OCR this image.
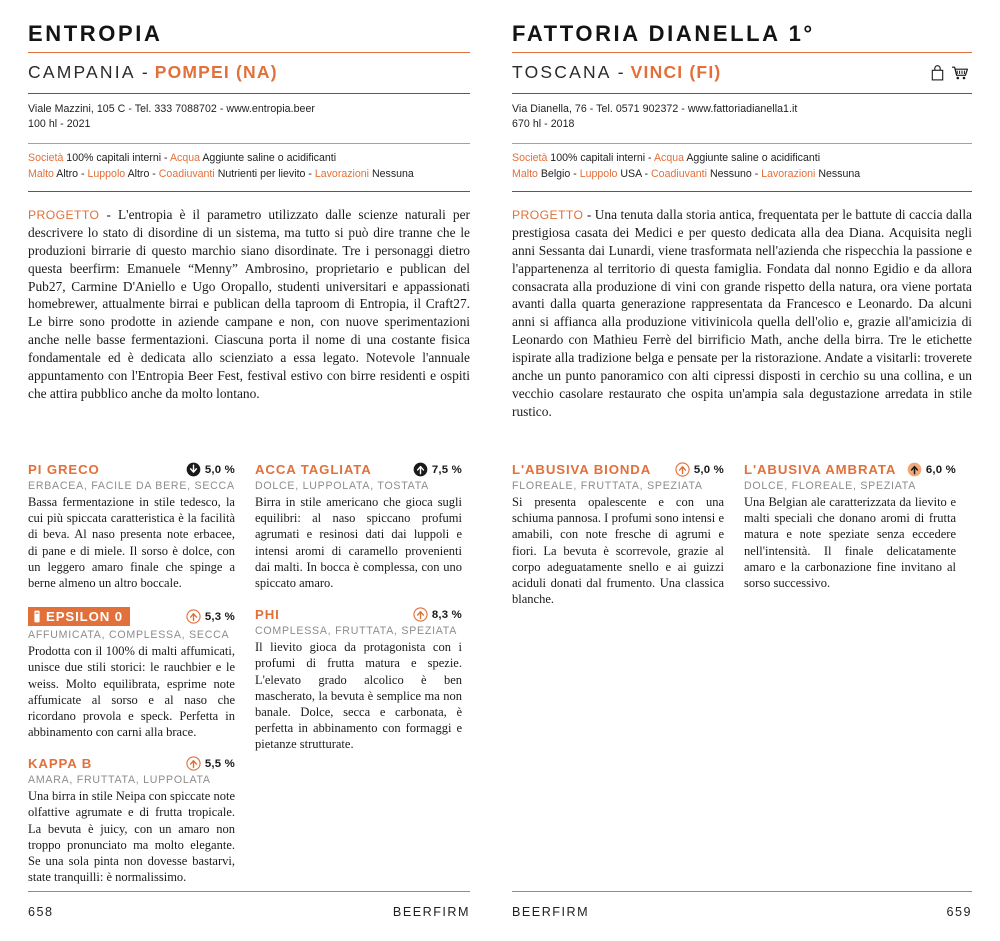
ENTROPIA
CAMPANIA - POMPEI (NA)
Viale Mazzini, 105 C - Tel. 333 7088702 - www.entropia.beer
100 hl - 2021
Società 100% capitali interni - Acqua Aggiunte saline o acidificanti
Malto Altro - Luppolo Altro - Coadiuvanti Nutrienti per lievito - Lavorazioni Nessuna
PROGETTO - L'entropia è il parametro utilizzato dalle scienze naturali per descrivere lo stato di disordine di un sistema, ma tutto si può dire tranne che le produzioni birrarie di questo marchio siano disordinate. Tre i personaggi dietro questa beerfirm: Emanuele “Menny” Ambrosino, proprietario e publican del Pub27, Carmine D'Aniello e Ugo Oropallo, studenti universitari e appassionati homebrewer, attualmente birrai e publican della taproom di Entropia, il Craft27. Le birre sono prodotte in aziende campane e non, con nuove sperimentazioni anche nelle basse fermentazioni. Ciascuna porta il nome di una costante fisica fondamentale ed è dedicata allo scienziato a essa legato. Notevole l'annuale appuntamento con l'Entropia Beer Fest, festival estivo con birre residenti e ospiti che attira pubblico anche da molto lontano.
PI GRECO	5,0 %
ERBACEA, FACILE DA BERE, SECCA
Bassa fermentazione in stile tedesco, la cui più spiccata caratteristica è la facilità di beva. Al naso presenta note erbacee, di pane e di miele. Il sorso è dolce, con un leggero amaro finale che spinge a berne almeno un altro boccale.
EPSILON 0	5,3 %
AFFUMICATA, COMPLESSA, SECCA
Prodotta con il 100% di malti affumicati, unisce due stili storici: le rauchbier e le weiss. Molto equilibrata, esprime note affumicate al sorso e al naso che ricordano provola e speck. Perfetta in abbinamento con carni alla brace.
KAPPA B	5,5 %
AMARA, FRUTTATA, LUPPOLATA
Una birra in stile Neipa con spiccate note olfattive agrumate e di frutta tropicale. La bevuta è juicy, con un amaro non troppo pronunciato ma molto elegante. Se una sola pinta non dovesse bastarvi, state tranquilli: è normalissimo.
ACCA TAGLIATA	7,5 %
DOLCE, LUPPOLATA, TOSTATA
Birra in stile americano che gioca sugli equilibri: al naso spiccano profumi agrumati e resinosi dati dai luppoli e intensi aromi di caramello provenienti dai malti. In bocca è complessa, con uno spiccato amaro.
PHI	8,3 %
COMPLESSA, FRUTTATA, SPEZIATA
Il lievito gioca da protagonista con i profumi di frutta matura e spezie. L'elevato grado alcolico è ben mascherato, la bevuta è semplice ma non banale. Dolce, secca e carbonata, è perfetta in abbinamento con formaggi e pietanze strutturate.
658	BEERFIRM
FATTORIA DIANELLA 1°
TOSCANA - VINCI (FI)
Via Dianella, 76 - Tel. 0571 902372 - www.fattoriadianella1.it
670 hl - 2018
Società 100% capitali interni - Acqua Aggiunte saline o acidificanti
Malto Belgio - Luppolo USA - Coadiuvanti Nessuno - Lavorazioni Nessuna
PROGETTO - Una tenuta dalla storia antica, frequentata per le battute di caccia dalla prestigiosa casata dei Medici e per questo dedicata alla dea Diana. Acquisita negli anni Sessanta dai Lunardi, viene trasformata nell'azienda che rispecchia la passione e l'appartenenza al territorio di questa famiglia. Fondata dal nonno Egidio e da allora consacrata alla produzione di vini con grande rispetto della natura, ora viene portata avanti dalla quarta generazione rappresentata da Francesco e Leonardo. Da alcuni anni si affianca alla produzione vitivinicola quella dell'olio e, grazie all'amicizia di Leonardo con Mathieu Ferrè del birrificio Math, anche della birra. Tre le etichette ispirate alla tradizione belga e pensate per la ristorazione. Andate a visitarli: troverete anche un punto panoramico con alti cipressi disposti in cerchio su una collina, e un vecchio casolare restaurato che ospita un'ampia sala degustazione arredata in stile rustico.
L'ABUSIVA BIONDA	5,0 %
FLOREALE, FRUTTATA, SPEZIATA
Si presenta opalescente e con una schiuma pannosa. I profumi sono intensi e amabili, con note fresche di agrumi e fiori. La bevuta è scorrevole, grazie al corpo adeguatamente snello e ai guizzi aciduli donati dal frumento. Una classica blanche.
L'ABUSIVA AMBRATA	6,0 %
DOLCE, FLOREALE, SPEZIATA
Una Belgian ale caratterizzata da lievito e malti speciali che donano aromi di frutta matura e note speziate senza eccedere nell'intensità. Il finale delicatamente amaro e la carbonazione fine invitano al sorso successivo.
BEERFIRM	659
